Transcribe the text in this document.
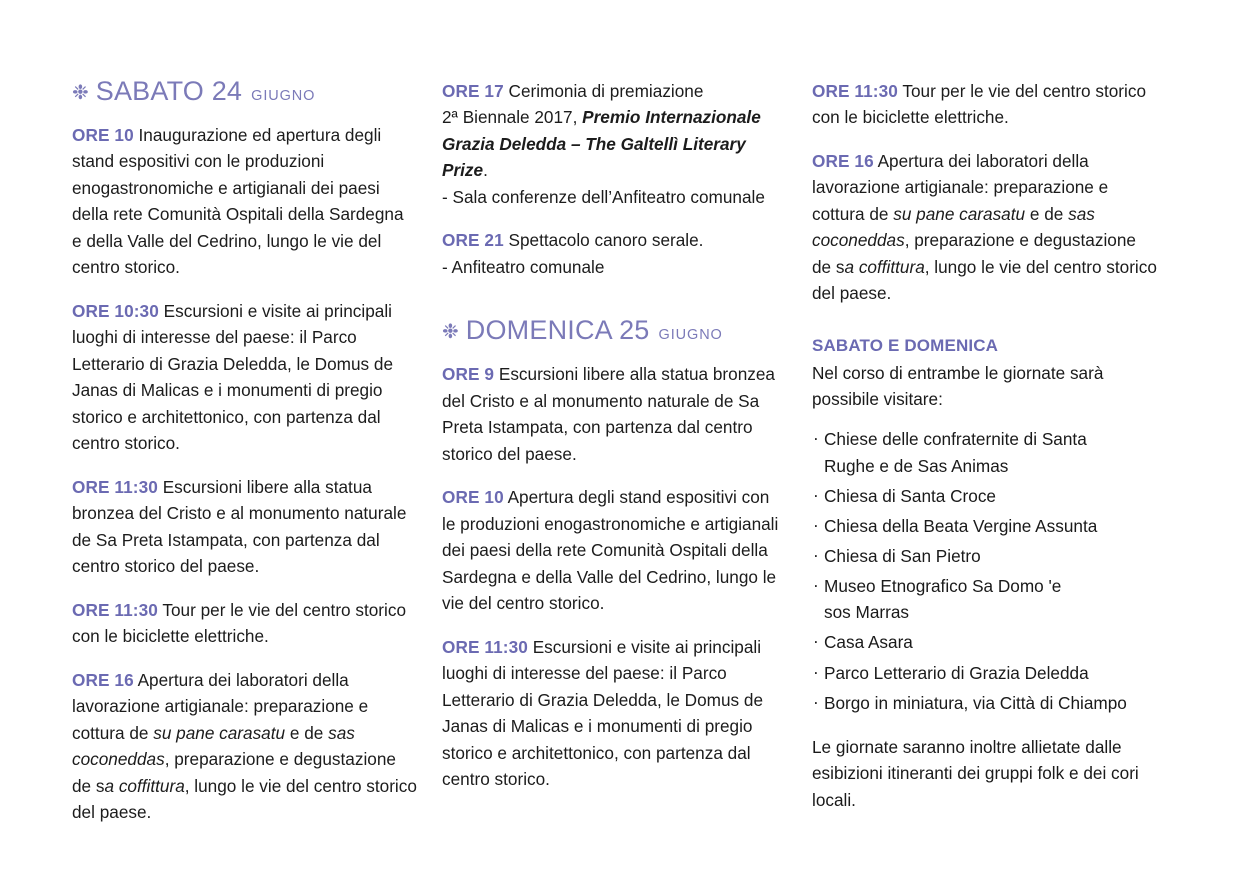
❉ SABATO 24 GIUGNO

ORE 10 Inaugurazione ed apertura degli stand espositivi con le produzioni enogastronomiche e artigianali dei paesi della rete Comunità Ospitali della Sardegna e della Valle del Cedrino, lungo le vie del centro storico.

ORE 10:30 Escursioni e visite ai principali luoghi di interesse del paese: il Parco Letterario di Grazia Deledda, le Domus de Janas di Malicas e i monumenti di pregio storico e architettonico, con partenza dal centro storico.

ORE 11:30 Escursioni libere alla statua bronzea del Cristo e al monumento naturale de Sa Preta Istampata, con partenza dal centro storico del paese.

ORE 11:30 Tour per le vie del centro storico con le biciclette elettriche.

ORE 16 Apertura dei laboratori della lavorazione artigianale: preparazione e cottura de su pane carasatu e de sas coconeddas, preparazione e degustazione de sa coffittura, lungo le vie del centro storico del paese.

ORE 17 Cerimonia di premiazione
2ª Biennale 2017, Premio Internazionale Grazia Deledda – The Galtellì Literary Prize.

- Sala conferenze dell’Anfiteatro comunale

ORE 21 Spettacolo canoro serale.

- Anfiteatro comunale

❉ DOMENICA 25 GIUGNO

ORE 9 Escursioni libere alla statua bronzea del Cristo e al monumento naturale de Sa Preta Istampata, con partenza dal centro storico del paese.

ORE 10 Apertura degli stand espositivi con le produzioni enogastronomiche e artigianali dei paesi della rete Comunità Ospitali della Sardegna e della Valle del Cedrino, lungo le vie del centro storico.

ORE 11:30 Escursioni e visite ai principali luoghi di interesse del paese: il Parco Letterario di Grazia Deledda, le Domus de Janas di Malicas e i monumenti di pregio storico e architettonico, con partenza dal centro storico.

ORE 11:30 Tour per le vie del centro storico con le biciclette elettriche.

ORE 16 Apertura dei laboratori della lavorazione artigianale: preparazione e cottura de su pane carasatu e de sas coconeddas, preparazione e degustazione de sa coffittura, lungo le vie del centro storico del paese.

SABATO E DOMENICA

Nel corso di entrambe le giornate sarà possibile visitare:

· Chiese delle confraternite di Santa
Rughe e de Sas Animas
· Chiesa di Santa Croce
· Chiesa della Beata Vergine Assunta
· Chiesa di San Pietro
· Museo Etnografico Sa Domo 'e
sos Marras
· Casa Asara
· Parco Letterario di Grazia Deledda
· Borgo in miniatura, via Città di Chiampo

Le giornate saranno inoltre allietate dalle esibizioni itineranti dei gruppi folk e dei cori locali.
